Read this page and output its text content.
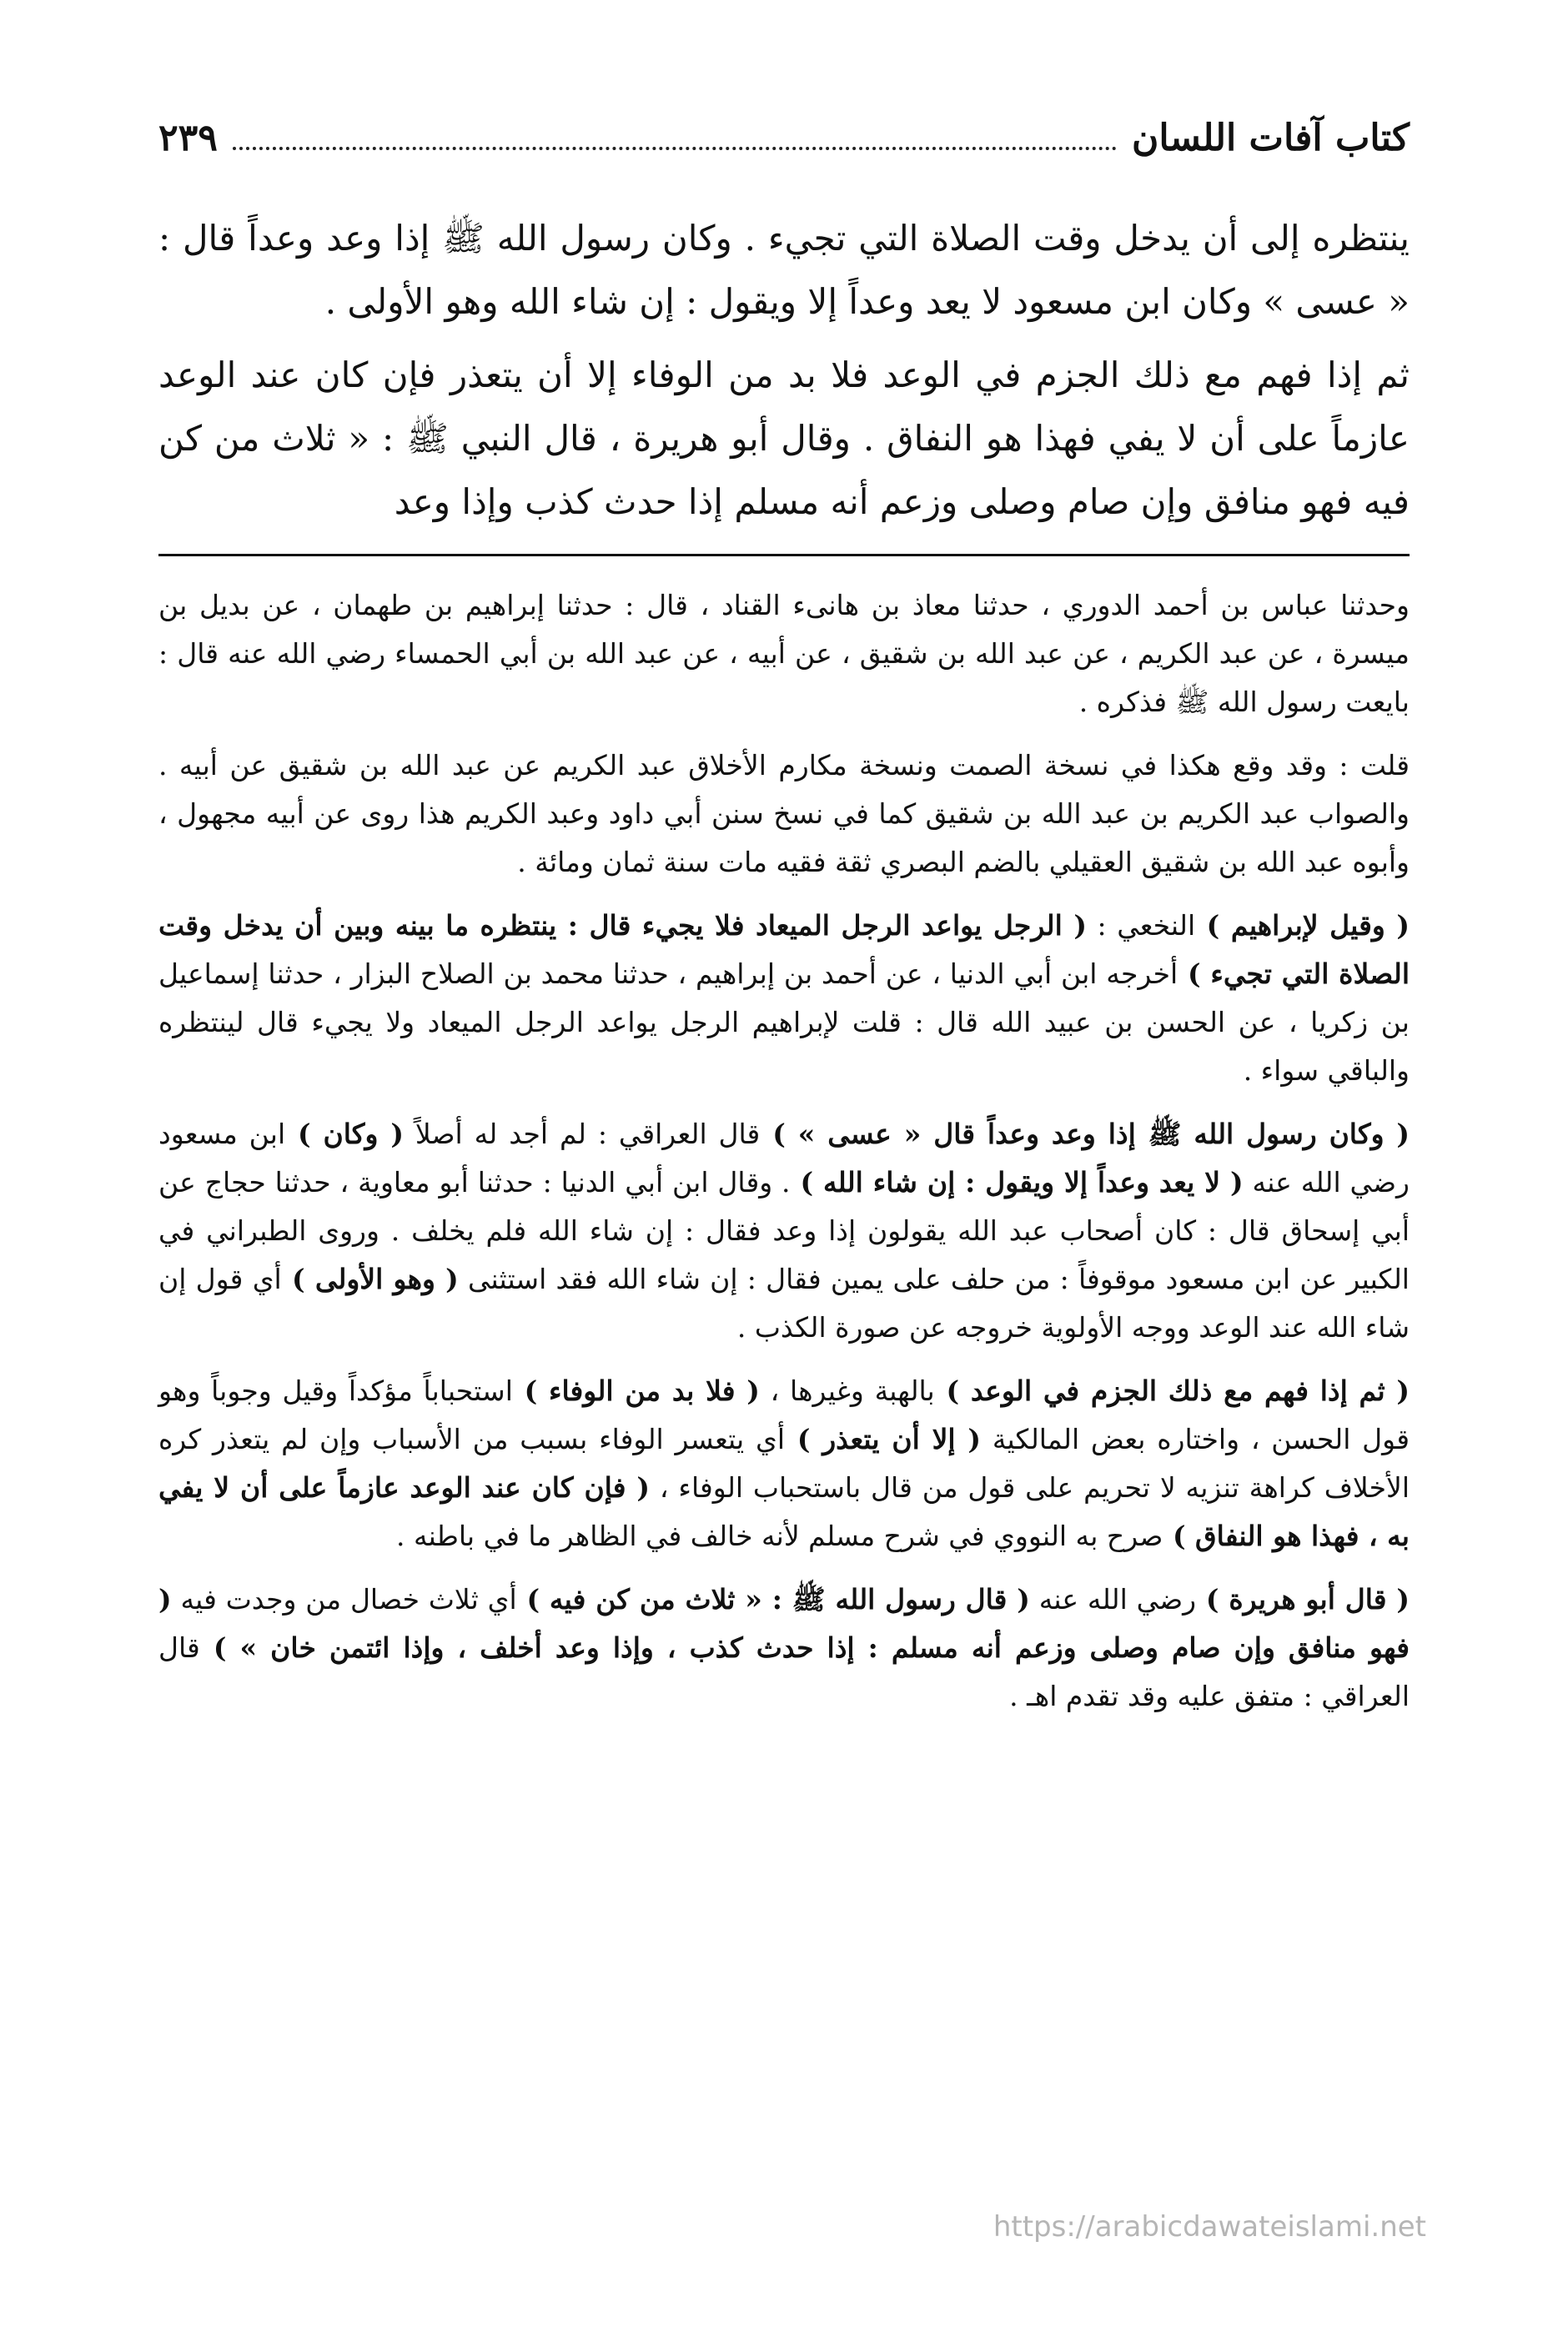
كتاب آفات اللسان
٢٣٩

ينتظره إلى أن يدخل وقت الصلاة التي تجيء . وكان رسول الله ﷺ إذا وعد وعداً قال : « عسى » وكان ابن مسعود لا يعد وعداً إلا ويقول : إن شاء الله وهو الأولى .

ثم إذا فهم مع ذلك الجزم في الوعد فلا بد من الوفاء إلا أن يتعذر فإن كان عند الوعد عازماً على أن لا يفي فهذا هو النفاق . وقال أبو هريرة ، قال النبي ﷺ : « ثلاث من كن فيه فهو منافق وإن صام وصلى وزعم أنه مسلم إذا حدث كذب وإذا وعد

وحدثنا عباس بن أحمد الدوري ، حدثنا معاذ بن هانىء القناد ، قال : حدثنا إبراهيم بن طهمان ، عن بديل بن ميسرة ، عن عبد الكريم ، عن عبد الله بن شقيق ، عن أبيه ، عن عبد الله بن أبي الحمساء رضي الله عنه قال : بايعت رسول الله ﷺ فذكره .

قلت : وقد وقع هكذا في نسخة الصمت ونسخة مكارم الأخلاق عبد الكريم عن عبد الله بن شقيق عن أبيه . والصواب عبد الكريم بن عبد الله بن شقيق كما في نسخ سنن أبي داود وعبد الكريم هذا روى عن أبيه مجهول ، وأبوه عبد الله بن شقيق العقيلي بالضم البصري ثقة فقيه مات سنة ثمان ومائة .

( وقيل لإبراهيم ) النخعي : ( الرجل يواعد الرجل الميعاد فلا يجيء قال : ينتظره ما بينه وبين أن يدخل وقت الصلاة التي تجيء ) أخرجه ابن أبي الدنيا ، عن أحمد بن إبراهيم ، حدثنا محمد بن الصلاح البزار ، حدثنا إسماعيل بن زكريا ، عن الحسن بن عبيد الله قال : قلت لإبراهيم الرجل يواعد الرجل الميعاد ولا يجيء قال لينتظره والباقي سواء .

( وكان رسول الله ﷺ إذا وعد وعداً قال « عسى » ) قال العراقي : لم أجد له أصلاً ( وكان ) ابن مسعود رضي الله عنه ( لا يعد وعداً إلا ويقول : إن شاء الله ) . وقال ابن أبي الدنيا : حدثنا أبو معاوية ، حدثنا حجاج عن أبي إسحاق قال : كان أصحاب عبد الله يقولون إذا وعد فقال : إن شاء الله فلم يخلف . وروى الطبراني في الكبير عن ابن مسعود موقوفاً : من حلف على يمين فقال : إن شاء الله فقد استثنى ( وهو الأولى ) أي قول إن شاء الله عند الوعد ووجه الأولوية خروجه عن صورة الكذب .

( ثم إذا فهم مع ذلك الجزم في الوعد ) بالهبة وغيرها ، ( فلا بد من الوفاء ) استحباباً مؤكداً وقيل وجوباً وهو قول الحسن ، واختاره بعض المالكية ( إلا أن يتعذر ) أي يتعسر الوفاء بسبب من الأسباب وإن لم يتعذر كره الأخلاف كراهة تنزيه لا تحريم على قول من قال باستحباب الوفاء ، ( فإن كان عند الوعد عازماً على أن لا يفي به ، فهذا هو النفاق ) صرح به النووي في شرح مسلم لأنه خالف في الظاهر ما في باطنه .

( قال أبو هريرة ) رضي الله عنه ( قال رسول الله ﷺ : « ثلاث من كن فيه ) أي ثلاث خصال من وجدت فيه ( فهو منافق وإن صام وصلى وزعم أنه مسلم : إذا حدث كذب ، وإذا وعد أخلف ، وإذا ائتمن خان » ) قال العراقي : متفق عليه وقد تقدم اهـ .

https://arabicdawateislami.net
